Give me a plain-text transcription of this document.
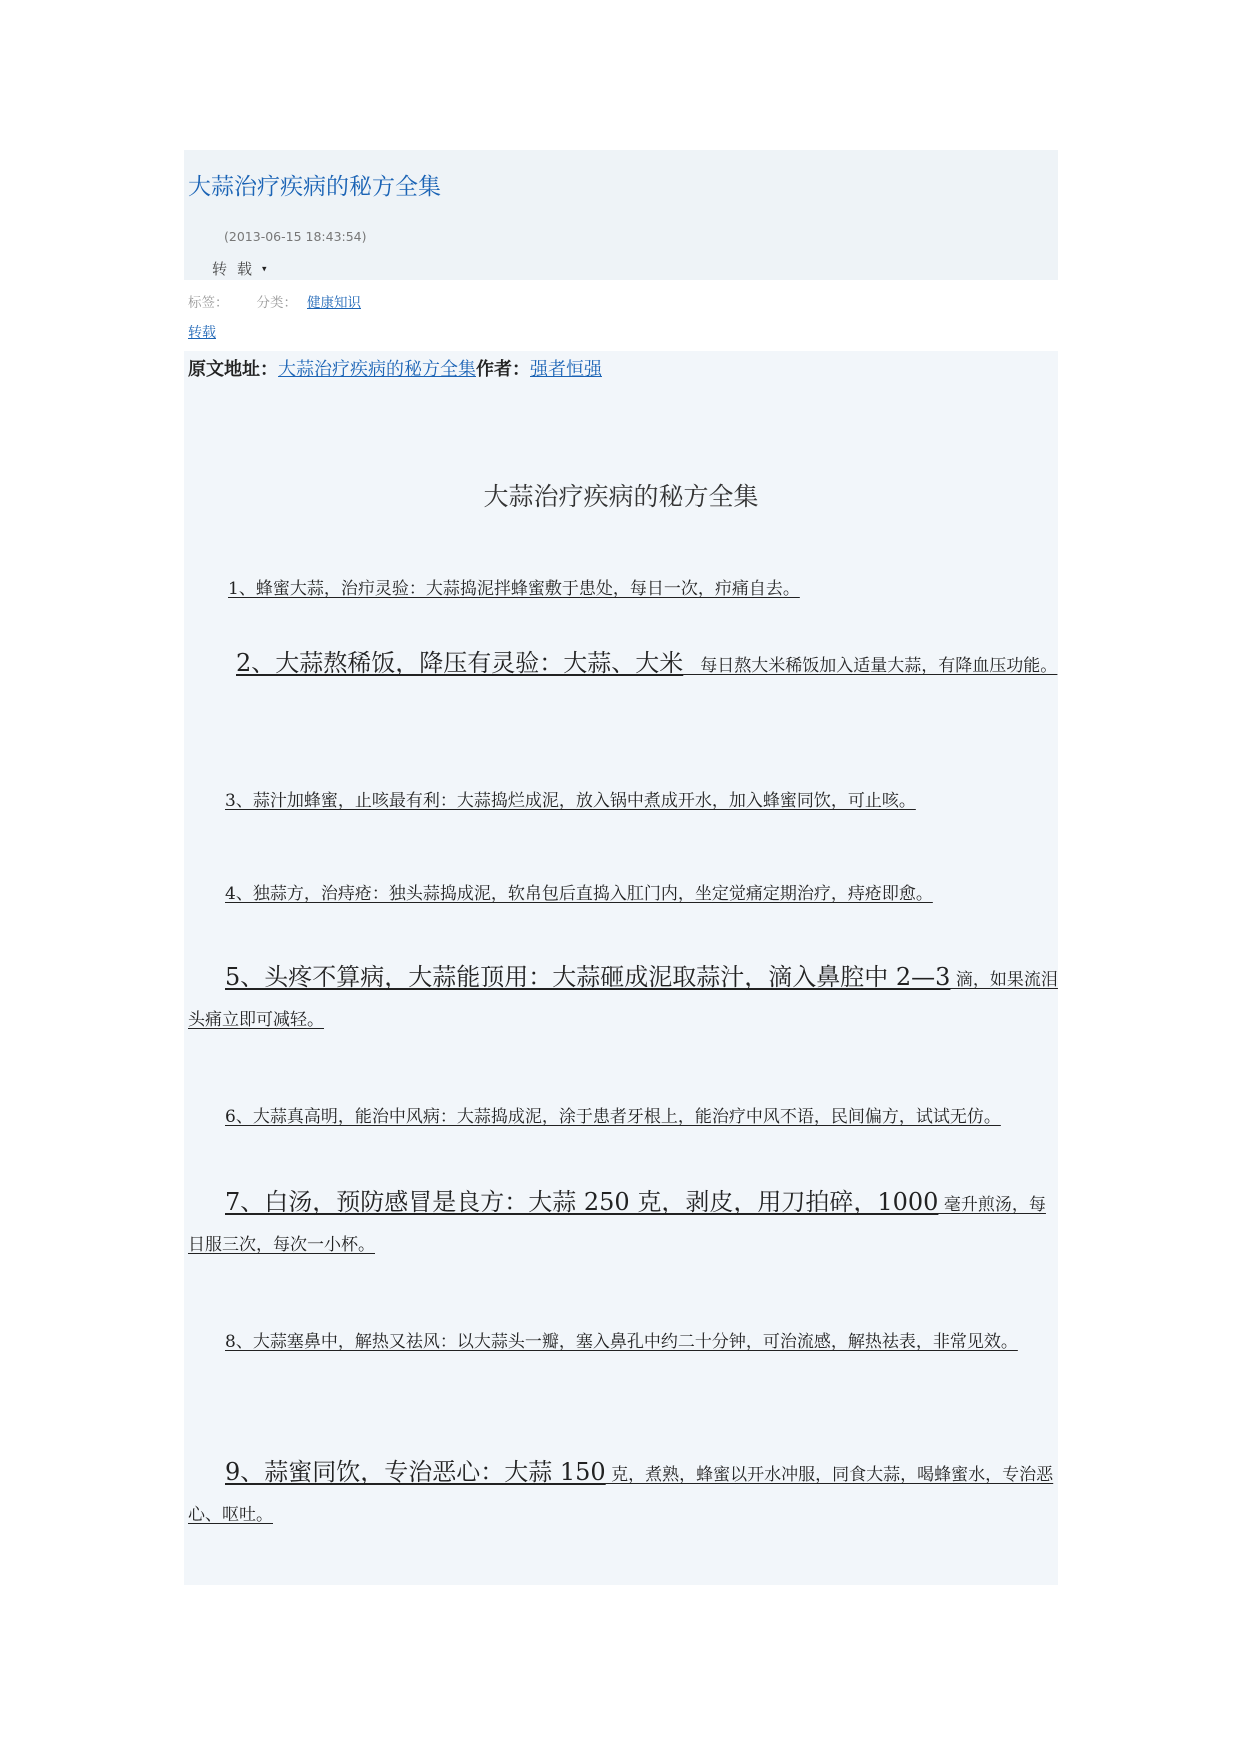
大蒜治疗疾病的秘方全集
(2013-06-15 18:43:54)
转载▾
标签： 分类： 健康知识
转载
原文地址：大蒜治疗疾病的秘方全集作者：强者恒强
大蒜治疗疾病的秘方全集

1、蜂蜜大蒜，治疖灵验：大蒜捣泥拌蜂蜜敷于患处，每日一次，疖痛自去。

2、大蒜熬稀饭，降压有灵验：大蒜、大米　每日熬大米稀饭加入适量大蒜，有降血压功能。

3、蒜汁加蜂蜜，止咳最有利：大蒜捣烂成泥，放入锅中煮成开水，加入蜂蜜同饮，可止咳。

4、独蒜方，治痔疮：独头蒜捣成泥，软帛包后直捣入肛门内，坐定觉痛定期治疗，痔疮即愈。

5、头疼不算病，大蒜能顶用：大蒜砸成泥取蒜汁，滴入鼻腔中 2—3 滴，如果流泪头痛立即可减轻。

6、大蒜真高明，能治中风病：大蒜捣成泥，涂于患者牙根上，能治疗中风不语，民间偏方，试试无仿。

7、白汤，预防感冒是良方：大蒜 250 克，剥皮，用刀拍碎，1000 毫升煎汤，每日服三次，每次一小杯。

8、大蒜塞鼻中，解热又祛风：以大蒜头一瓣，塞入鼻孔中约二十分钟，可治流感，解热祛表，非常见效。

9、蒜蜜同饮，专治恶心：大蒜 150 克，煮熟，蜂蜜以开水冲服，同食大蒜，喝蜂蜜水，专治恶心、呕吐。
